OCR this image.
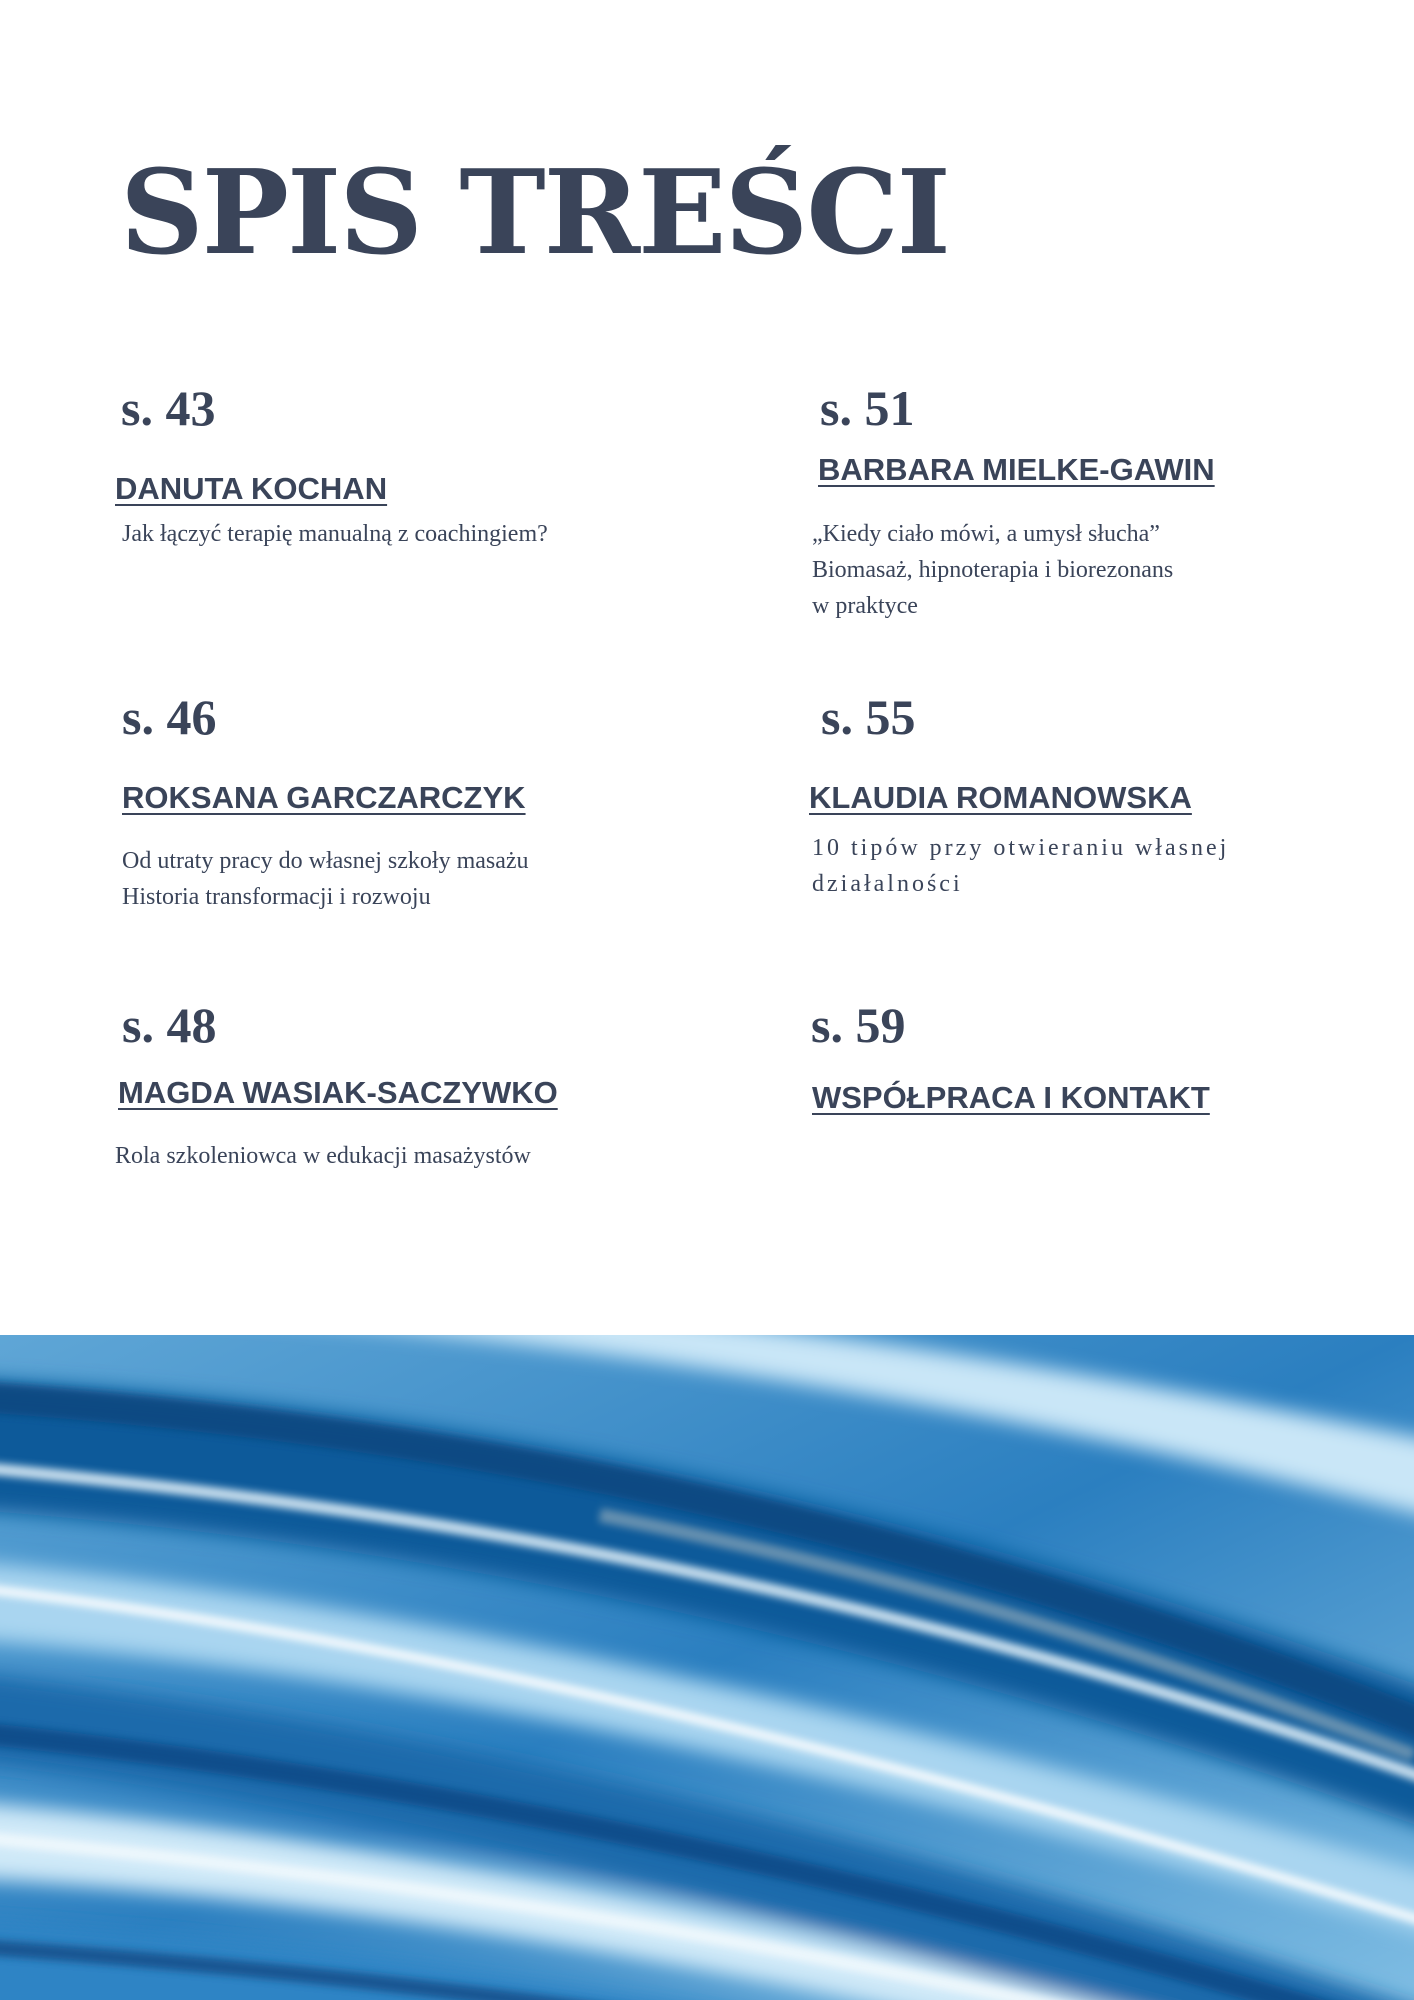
SPIS TREŚCI
s. 43
DANUTA KOCHAN
Jak łączyć terapię manualną z coachingiem?
s. 51
BARBARA MIELKE-GAWIN
„Kiedy ciało mówi, a umysł słucha”
Biomasaż, hipnoterapia i biorezonans
w praktyce
s. 46
ROKSANA GARCZARCZYK
Od utraty pracy do własnej szkoły masażu
Historia transformacji i rozwoju
s. 55
KLAUDIA ROMANOWSKA
10 tipów przy otwieraniu własnej
działalności
s. 48
MAGDA WASIAK-SACZYWKO
Rola szkoleniowca w edukacji masażystów
s. 59
WSPÓŁPRACA I KONTAKT
